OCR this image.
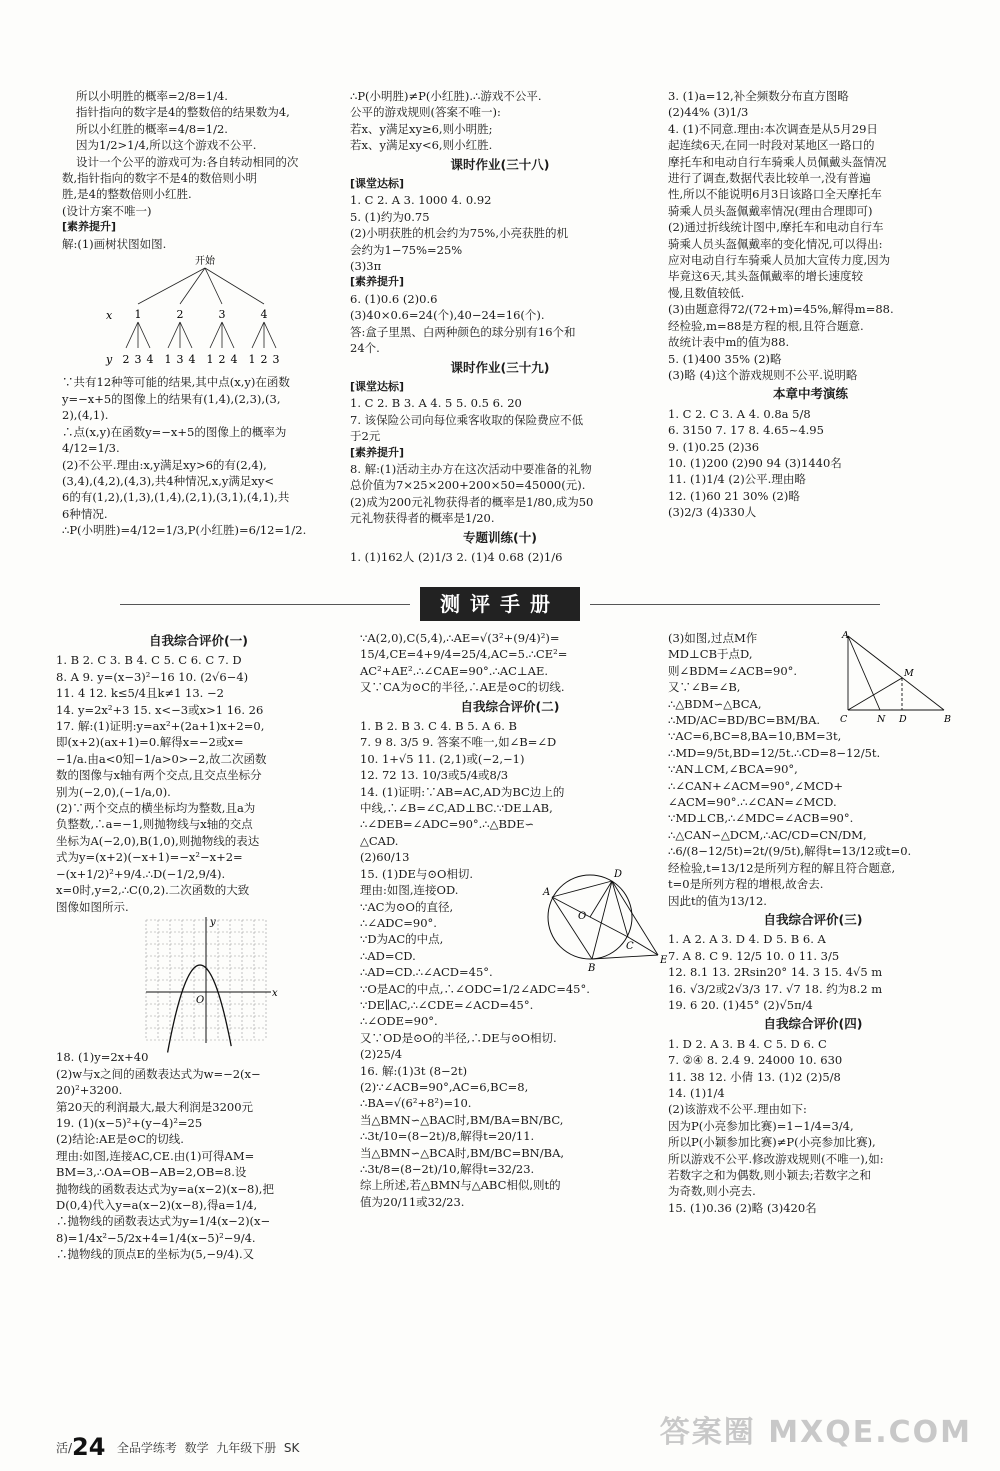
所以小明胜的概率=2/8=1/4.

指针指向的数字是4的整数倍的结果数为4,

所以小红胜的概率=4/8=1/2.

因为1/2>1/4,所以这个游戏不公平.

设计一个公平的游戏可为:各自转动相同的次

数,指针指向的数字不是4的数倍则小明

胜,是4的整数倍则小红胜.

(设计方案不唯一)

[素养提升]

解:(1)画树状图如图.

开始
1
2 3 4
2
1 3 4
3
1 2 4
4
1 2 3
x
y

∵共有12种等可能的结果,其中点(x,y)在函数

y=−x+5的图像上的结果有(1,4),(2,3),(3,

2),(4,1).

∴点(x,y)在函数y=−x+5的图像上的概率为

4/12=1/3.

(2)不公平.理由:x,y满足xy>6的有(2,4),

(3,4),(4,2),(4,3),共4种情况,x,y满足xy<

6的有(1,2),(1,3),(1,4),(2,1),(3,1),(4,1),共

6种情况.

∴P(小明胜)=4/12=1/3,P(小红胜)=6/12=1/2.

∴P(小明胜)≠P(小红胜).∴游戏不公平.

公平的游戏规则(答案不唯一):

若x、y满足xy≥6,则小明胜;

若x、y满足xy<6,则小红胜.

课时作业(三十八)

[课堂达标]

1. C 2. A 3. 1000 4. 0.92

5. (1)约为0.75

(2)小明获胜的机会约为75%,小亮获胜的机

会约为1−75%=25%

(3)3π

[素养提升]

6. (1)0.6 (2)0.6

(3)40×0.6=24(个),40−24=16(个).

答:盒子里黑、白两种颜色的球分别有16个和

24个.

课时作业(三十九)

[课堂达标]

1. C 2. B 3. A 4. 5 5. 0.5 6. 20

7. 该保险公司向每位乘客收取的保险费应不低

于2元

[素养提升]

8. 解:(1)活动主办方在这次活动中要准备的礼物

总价值为7×25×200+200×50=45000(元).

(2)成为200元礼物获得者的概率是1/80,成为50

元礼物获得者的概率是1/20.

专题训练(十)

1. (1)162人 (2)1/3 2. (1)4 0.68 (2)1/6

3. (1)a=12,补全频数分布直方图略

(2)44% (3)1/3

4. (1)不同意.理由:本次调查是从5月29日

起连续6天,在同一时段对某地区一路口的

摩托车和电动自行车骑乘人员佩戴头盔情况

进行了调查,数据代表比较单一,没有普遍

性,所以不能说明6月3日该路口全天摩托车

骑乘人员头盔佩戴率情况(理由合理即可)

(2)通过折线统计图中,摩托车和电动自行车

骑乘人员头盔佩戴率的变化情况,可以得出:

应对电动自行车骑乘人员加大宣传力度,因为

毕竟这6天,其头盔佩戴率的增长速度较

慢,且数值较低.

(3)由题意得72/(72+m)=45%,解得m=88.

经检验,m=88是方程的根,且符合题意.

故统计表中m的值为88.

5. (1)400 35% (2)略

(3)略 (4)这个游戏规则不公平.说明略

本章中考演练

1. C 2. C 3. A 4. 0.8a 5/8

6. 3150 7. 17 8. 4.65~4.95

9. (1)0.25 (2)36

10. (1)200 (2)90 94 (3)1440名

11. (1)1/4 (2)公平.理由略

12. (1)60 21 30% (2)略

(3)2/3 (4)330人

测评手册

自我综合评价(一)

1. B 2. C 3. B 4. C 5. C 6. C 7. D

8. A 9. y=(x−3)²−16 10. (2√6−4)

11. 4 12. k≤5/4且k≠1 13. −2

14. y=2x²+3 15. x<−3或x>1 16. 26

17. 解:(1)证明:y=ax²+(2a+1)x+2=0,

即(x+2)(ax+1)=0.解得x=−2或x=

−1/a.由a<0知−1/a>0>−2,故二次函数

数的图像与x轴有两个交点,且交点坐标分

别为(−2,0),(−1/a,0).

(2)∵两个交点的横坐标均为整数,且a为

负整数,∴a=−1,则抛物线与x轴的交点

坐标为A(−2,0),B(1,0),则抛物线的表达

式为y=(x+2)(−x+1)=−x²−x+2=

−(x+1/2)²+9/4.∴D(−1/2,9/4).

x=0时,y=2,∴C(0,2).二次函数的大致

图像如图所示.

x
y
O

18. (1)y=2x+40

(2)w与x之间的函数表达式为w=−2(x−

20)²+3200.

第20天的利润最大,最大利润是3200元

19. (1)(x−5)²+(y−4)²=25

(2)结论:AE是⊙C的切线.

理由:如图,连接AC,CE.由(1)可得AM=

BM=3,∴OA=OB−AB=2,OB=8.设

抛物线的函数表达式为y=a(x−2)(x−8),把

D(0,4)代入y=a(x−2)(x−8),得a=1/4,

∴抛物线的函数表达式为y=1/4(x−2)(x−

8)=1/4x²−5/2x+4=1/4(x−5)²−9/4.

∴抛物线的顶点E的坐标为(5,−9/4).又

∵A(2,0),C(5,4),∴AE=√(3²+(9/4)²)=

15/4,CE=4+9/4=25/4,AC=5.∴CE²=

AC²+AE².∴∠CAE=90°.∴AC⊥AE.

又∵CA为⊙C的半径,∴AE是⊙C的切线.

自我综合评价(二)

1. B 2. B 3. C 4. B 5. A 6. B

7. 9 8. 3/5 9. 答案不唯一,如∠B=∠D

10. 1+√5 11. (2,1)或(−2,−1)

12. 72 13. 10/3或5/4或8/3

14. (1)证明:∵AB=AC,AD为BC边上的

中线,∴∠B=∠C,AD⊥BC.∵DE⊥AB,

∴∠DEB=∠ADC=90°.∴△BDE∽

△CAD.

(2)60/13

15. (1)DE与⊙O相切.

理由:如图,连接OD.	A
B
C
D
E
O

∵AC为⊙O的直径,

∴∠ADC=90°.

∵D为AC的中点,

∴AD=CD.

∴AD=CD.∴∠ACD=45°.

∵O是AC的中点,∴∠ODC=1/2∠ADC=45°.

∵DE∥AC,∴∠CDE=∠ACD=45°.

∴∠ODE=90°.

又∵OD是⊙O的半径,∴DE与⊙O相切.

(2)25/4

16. 解:(1)3t (8−2t)

(2)∵∠ACB=90°,AC=6,BC=8,

∴BA=√(6²+8²)=10.

当△BMN∽△BAC时,BM/BA=BN/BC,

∴3t/10=(8−2t)/8,解得t=20/11.

当△BMN∽△BCA时,BM/BC=BN/BA,

∴3t/8=(8−2t)/10,解得t=32/23.

综上所述,若△BMN与△ABC相似,则t的

值为20/11或32/23.

(3)如图,过点M作	A
M
C	N D	B

MD⊥CB于点D,

则∠BDM=∠ACB=90°.

又∵∠B=∠B,

∴△BDM∽△BCA,

∴MD/AC=BD/BC=BM/BA.

∵AC=6,BC=8,BA=10,BM=3t,

∴MD=9/5t,BD=12/5t.∴CD=8−12/5t.

∵AN⊥CM,∠BCA=90°,

∴∠CAN+∠ACM=90°,∠MCD+

∠ACM=90°.∴∠CAN=∠MCD.

∵MD⊥CB,∴∠MDC=∠ACB=90°.

∴△CAN∽△DCM,∴AC/CD=CN/DM,

∴6/(8−12/5t)=2t/(9/5t),解得t=13/12或t=0.

经检验,t=13/12是所列方程的解且符合题意,

t=0是所列方程的增根,故舍去.

因此t的值为13/12.

自我综合评价(三)

1. A 2. A 3. D 4. D 5. B 6. A

7. A 8. C 9. 12/5 10. 0 11. 3/5

12. 8.1 13. 2Rsin20° 14. 3 15. 4√5 m

16. √3/2或2√3/3 17. √7 18. 约为8.2 m

19. 6 20. (1)45° (2)√5π/4

自我综合评价(四)

1. D 2. A 3. B 4. C 5. D 6. C

7. ②④ 8. 2.4 9. 24000 10. 630

11. 38 12. 小倩 13. (1)2 (2)5/8

14. (1)1/4

(2)该游戏不公平.理由如下:

因为P(小亮参加比赛)=1−1/4=3/4,

所以P(小颖参加比赛)≠P(小亮参加比赛),

所以游戏不公平.修改游戏规则(不唯一),如:

若数字之和为偶数,则小颖去;若数字之和

为奇数,则小亮去.

15. (1)0.36 (2)略 (3)420名

活/24 全品学练考 数学 九年级下册 SK	答案圈 MXQE.COM
